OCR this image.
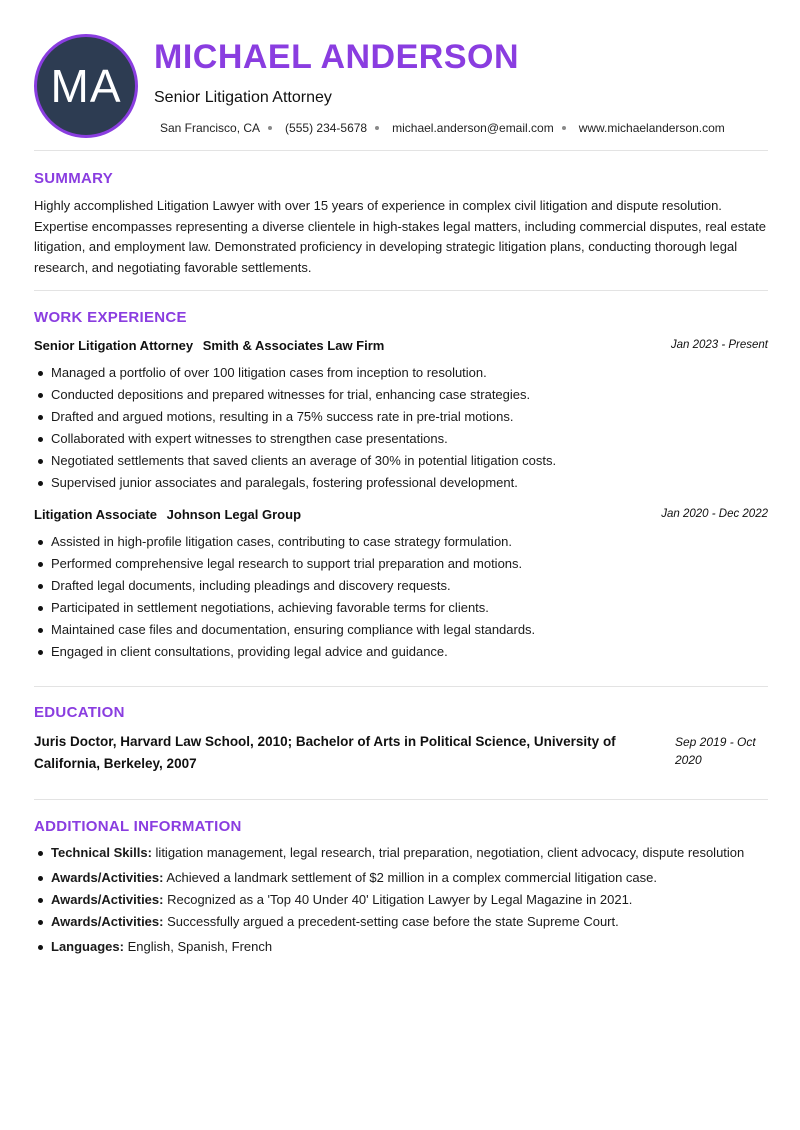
MA
MICHAEL ANDERSON
Senior Litigation Attorney
San Francisco, CA (555) 234-5678 michael.anderson@email.com www.michaelanderson.com
SUMMARY
Highly accomplished Litigation Lawyer with over 15 years of experience in complex civil litigation and dispute resolution. Expertise encompasses representing a diverse clientele in high-stakes legal matters, including commercial disputes, real estate litigation, and employment law. Demonstrated proficiency in developing strategic litigation plans, conducting thorough legal research, and negotiating favorable settlements.
WORK EXPERIENCE
Senior Litigation Attorney Smith & Associates Law Firm	Jan 2023 - Present
Managed a portfolio of over 100 litigation cases from inception to resolution.
Conducted depositions and prepared witnesses for trial, enhancing case strategies.
Drafted and argued motions, resulting in a 75% success rate in pre-trial motions.
Collaborated with expert witnesses to strengthen case presentations.
Negotiated settlements that saved clients an average of 30% in potential litigation costs.
Supervised junior associates and paralegals, fostering professional development.
Litigation Associate Johnson Legal Group	Jan 2020 - Dec 2022
Assisted in high-profile litigation cases, contributing to case strategy formulation.
Performed comprehensive legal research to support trial preparation and motions.
Drafted legal documents, including pleadings and discovery requests.
Participated in settlement negotiations, achieving favorable terms for clients.
Maintained case files and documentation, ensuring compliance with legal standards.
Engaged in client consultations, providing legal advice and guidance.
EDUCATION
Juris Doctor, Harvard Law School, 2010; Bachelor of Arts in Political Science, University of California, Berkeley, 2007
Sep 2019 - Oct 2020
ADDITIONAL INFORMATION
Technical Skills: litigation management, legal research, trial preparation, negotiation, client advocacy, dispute resolution
Awards/Activities: Achieved a landmark settlement of $2 million in a complex commercial litigation case.
Awards/Activities: Recognized as a 'Top 40 Under 40' Litigation Lawyer by Legal Magazine in 2021.
Awards/Activities: Successfully argued a precedent-setting case before the state Supreme Court.
Languages: English, Spanish, French
